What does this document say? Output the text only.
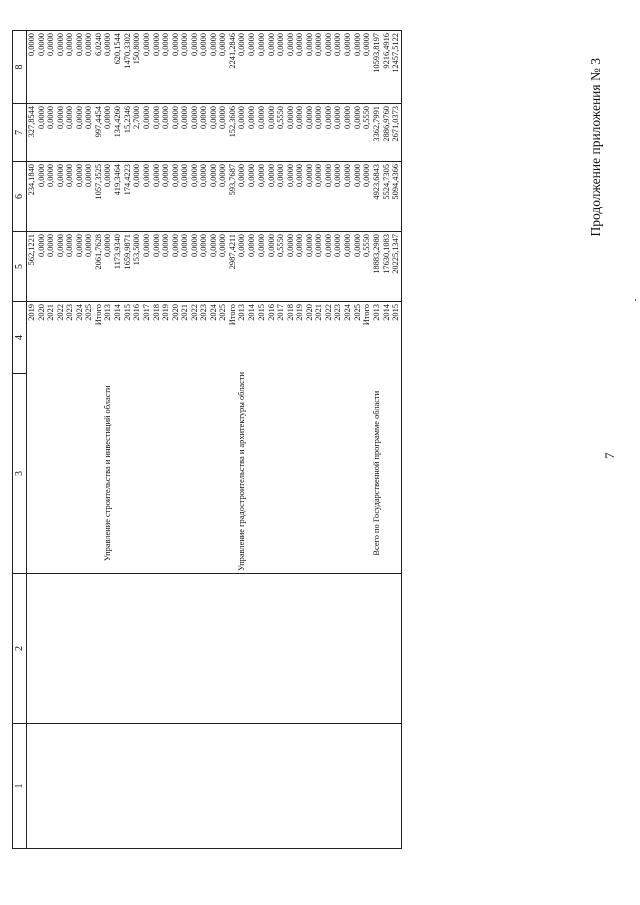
7
Продолжение приложения № 3
1	2	3	4	5	6	7	8
			2019	562,1221	234,1840	327,8544	0,0000
			2020	0,0000	0,0000	0,0000	0,0000
			2021	0,0000	0,0000	0,0000	0,0000
			2022	0,0000	0,0000	0,0000	0,0000
			2023	0,0000	0,0000	0,0000	0,0000
			2024	0,0000	0,0000	0,0000	0,0000
			2025	0,0000	0,0000	0,0000	0,0000
			Итого	2061,7628	1057,3525	997,4454	6,0240
		Управление строительства и инвестиций области	2013	0,0000	0,0000	0,0000	0,0000
			2014	1173,9340	419,3464	134,4260	620,1544
			2015	1659,9871	174,4223	15,2346	1470,3302
			2016	153,5000	0,0000	2,7000	150,8000
			2017	0,0000	0,0000	0,0000	0,0000
			2018	0,0000	0,0000	0,0000	0,0000
			2019	0,0000	0,0000	0,0000	0,0000
			2020	0,0000	0,0000	0,0000	0,0000
			2021	0,0000	0,0000	0,0000	0,0000
			2022	0,0000	0,0000	0,0000	0,0000
			2023	0,0000	0,0000	0,0000	0,0000
			2024	0,0000	0,0000	0,0000	0,0000
			2025	0,0000	0,0000	0,0000	0,0000
			Итого	2987,4211	593,7687	152,3606	2241,2846
		Управление градостроительства и архитектуры области	2013	0,0000	0,0000	0,0000	0,0000
			2014	0,0000	0,0000	0,0000	0,0000
			2015	0,0000	0,0000	0,0000	0,0000
			2016	0,0000	0,0000	0,0000	0,0000
			2017	0,5550	0,0000	0,5550	0,0000
			2018	0,0000	0,0000	0,0000	0,0000
			2019	0,0000	0,0000	0,0000	0,0000
			2020	0,0000	0,0000	0,0000	0,0000
			2021	0,0000	0,0000	0,0000	0,0000
			2022	0,0000	0,0000	0,0000	0,0000
			2023	0,0000	0,0000	0,0000	0,0000
			2024	0,0000	0,0000	0,0000	0,0000
			2025	0,0000	0,0000	0,0000	0,0000
			Итого	0,5550	0,0000	0,5550	0,0000
		Всего по Государственной программе области	2013	18883,2980	4923,6843	3362,7991	10593,8197
			2014	17630,1083	5524,7305	2886,9760	9216,4916
			2015	20225,1347	5094,4366	2671,0373	12457,5122
